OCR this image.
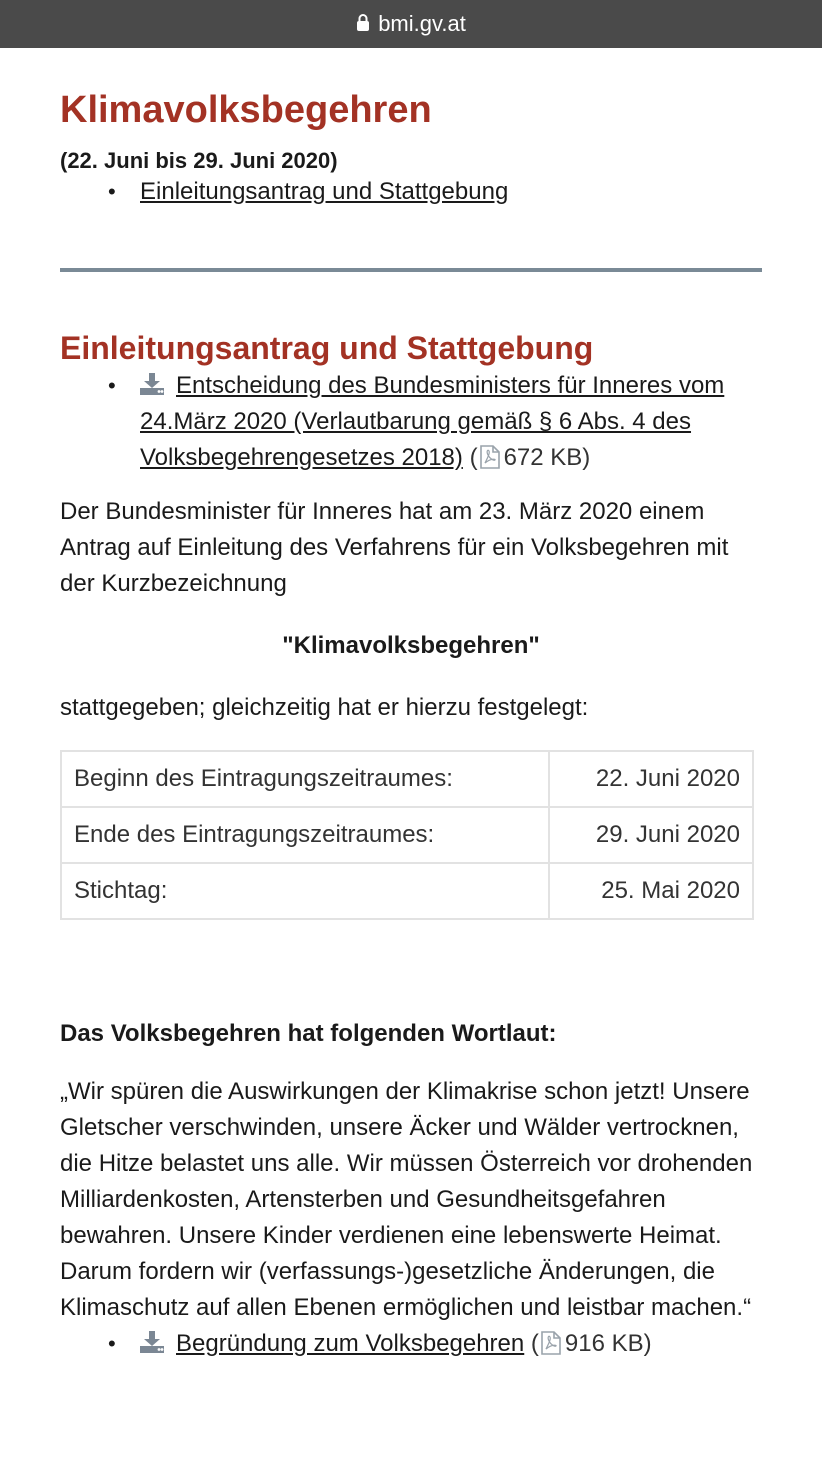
bmi.gv.at
Klimavolksbegehren
(22. Juni bis 29. Juni 2020)
• Einleitungsantrag und Stattgebung
Einleitungsantrag und Stattgebung
•	Entscheidung des Bundesministers für Inneres vom 24.März 2020 (Verlautbarung gemäß § 6 Abs. 4 des Volksbegehrengesetzes 2018) ( 672 KB)

Der Bundesminister für Inneres hat am 23. März 2020 einem Antrag auf Einleitung des Verfahrens für ein Volksbegehren mit der Kurzbezeichnung

"Klimavolksbegehren"

stattgegeben; gleichzeitig hat er hierzu festgelegt:

Beginn des Eintragungszeitraumes:	22. Juni 2020
Ende des Eintragungszeitraumes:	29. Juni 2020
Stichtag:	25. Mai 2020
Das Volksbegehren hat folgenden Wortlaut:
„Wir spüren die Auswirkungen der Klimakrise schon jetzt! Unsere Gletscher verschwinden, unsere Äcker und Wälder vertrocknen, die Hitze belastet uns alle. Wir müssen Österreich vor drohenden Milliardenkosten, Artensterben und Gesundheitsgefahren bewahren. Unsere Kinder verdienen eine lebenswerte Heimat. Darum fordern wir (verfassungs-)gesetzliche Änderungen, die Klimaschutz auf allen Ebenen ermöglichen und leistbar machen.“
•	Begründung zum Volksbegehren ( 916 KB)
